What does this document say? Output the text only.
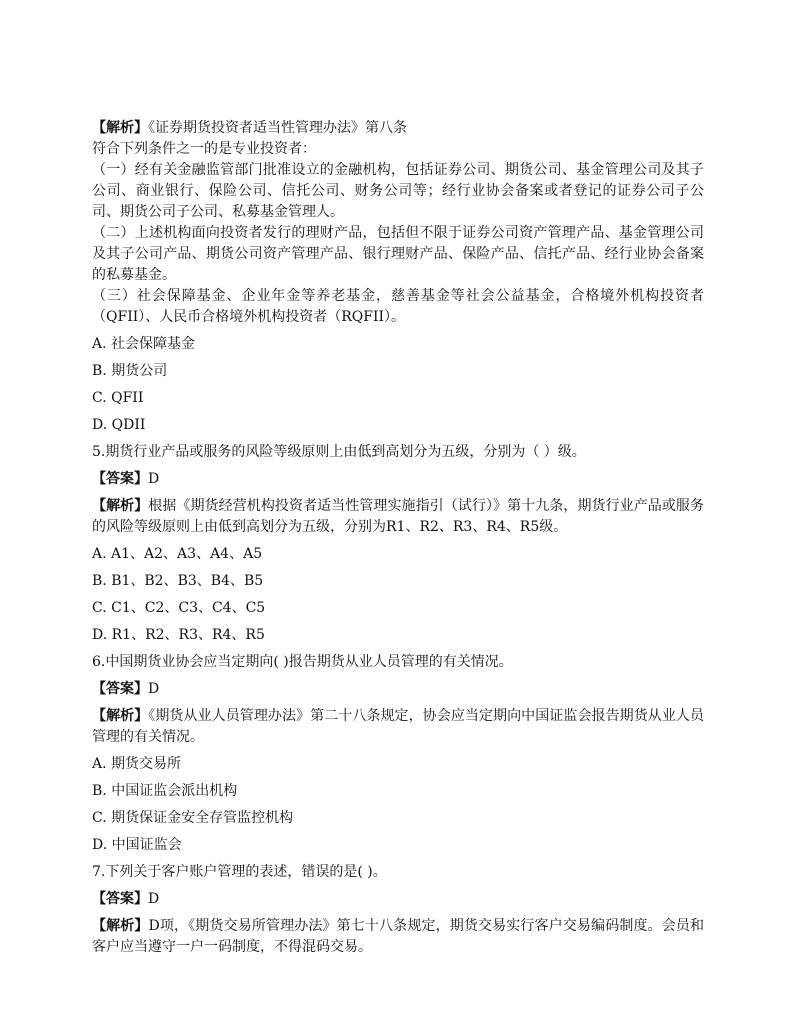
【解析】《证券期货投资者适当性管理办法》第八条

符合下列条件之一的是专业投资者：

（一）经有关金融监管部门批准设立的金融机构，包括证券公司、期货公司、基金管理公司及其子公司、商业银行、保险公司、信托公司、财务公司等；经行业协会备案或者登记的证券公司子公司、期货公司子公司、私募基金管理人。

（二）上述机构面向投资者发行的理财产品，包括但不限于证券公司资产管理产品、基金管理公司及其子公司产品、期货公司资产管理产品、银行理财产品、保险产品、信托产品、经行业协会备案的私募基金。

（三）社会保障基金、企业年金等养老基金，慈善基金等社会公益基金，合格境外机构投资者（QFII）、人民币合格境外机构投资者（RQFII）。

A. 社会保障基金

B. 期货公司

C. QFII

D. QDII

5.期货行业产品或服务的风险等级原则上由低到高划分为五级，分别为（ ）级。

【答案】D

【解析】根据《期货经营机构投资者适当性管理实施指引（试行）》第十九条，期货行业产品或服务的风险等级原则上由低到高划分为五级，分别为R1、R2、R3、R4、R5级。

A. A1、A2、A3、A4、A5

B. B1、B2、B3、B4、B5

C. C1、C2、C3、C4、C5

D. R1、R2、R3、R4、R5

6.中国期货业协会应当定期向( )报告期货从业人员管理的有关情况。

【答案】D

【解析】《期货从业人员管理办法》第二十八条规定，协会应当定期向中国证监会报告期货从业人员管理的有关情况。

A. 期货交易所

B. 中国证监会派出机构

C. 期货保证金安全存管监控机构

D. 中国证监会

7.下列关于客户账户管理的表述，错误的是( )。

【答案】D

【解析】D项，《期货交易所管理办法》第七十八条规定，期货交易实行客户交易编码制度。会员和客户应当遵守一户一码制度，不得混码交易。
